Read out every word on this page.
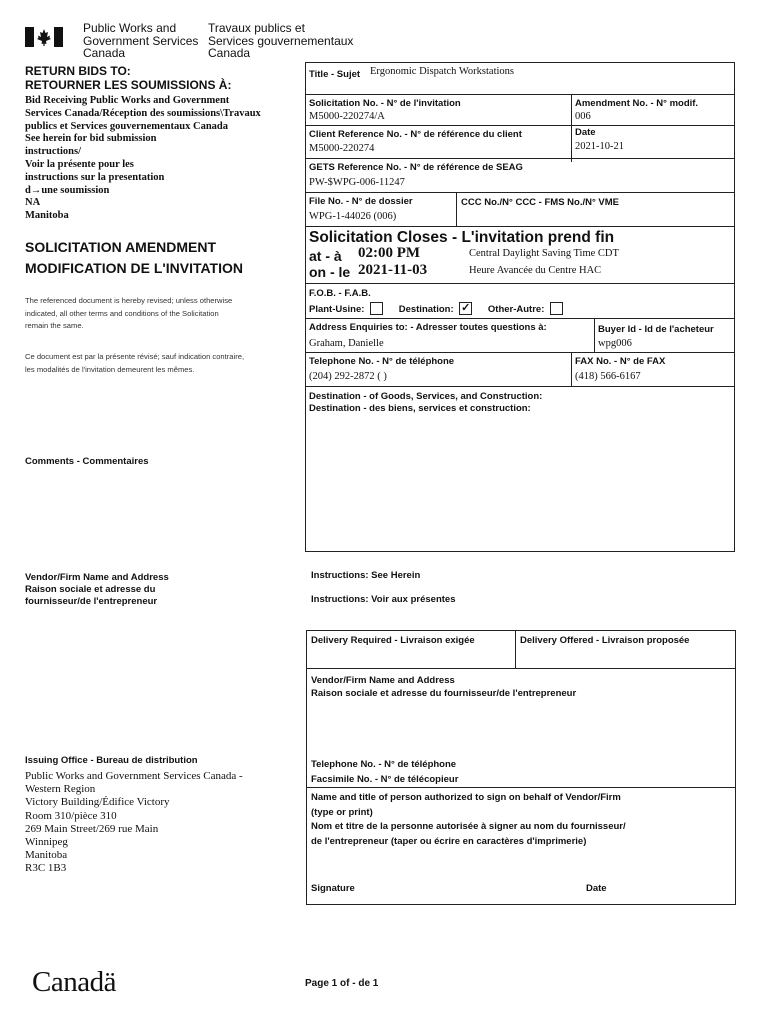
Public Works and
Government Services
Canada
Travaux publics et
Services gouvernementaux
Canada
RETURN BIDS TO:
RETOURNER LES SOUMISSIONS À:
Bid Receiving Public Works and Government
Services Canada/Réception des soumissions\Travaux
publics et Services gouvernementaux Canada
See herein for bid submission
instructions/
Voir la présente pour les
instructions sur la presentation
d→une soumission
NA
Manitoba
SOLICITATION AMENDMENT
MODIFICATION DE L'INVITATION
The referenced document is hereby revised; unless otherwise
indicated, all other terms and conditions of the Solicitation
remain the same.
Ce document est par la présente révisé; sauf indication contraire,
les modalités de l'invitation demeurent les mêmes.
Comments - Commentaires
Vendor/Firm Name and Address
Raison sociale et adresse du
fournisseur/de l'entrepreneur
Issuing Office - Bureau de distribution
Public Works and Government Services Canada -
Western Region
Victory Building/Édifice Victory
Room 310/pièce 310
269 Main Street/269 rue Main
Winnipeg
Manitoba
R3C 1B3
Title - Sujet Ergonomic Dispatch Workstations
Solicitation No. - N° de l'invitation
M5000-220274/A
Amendment No. - N° modif.
006
Client Reference No. - N° de référence du client
M5000-220274
Date
2021-10-21
GETS Reference No. - N° de référence de SEAG
PW-$WPG-006-11247
File No. - N° de dossier
WPG-1-44026 (006)
CCC No./N° CCC - FMS No./N° VME
Solicitation Closes - L'invitation prend fin
at - à 02:00 PM
on - le 2021-11-03
Central Daylight Saving Time CDT
Heure Avancée du Centre HAC
F.O.B. - F.A.B.
Plant-Usine:	Destination: ✓ Other-Autre:
Address Enquiries to: - Adresser toutes questions à:
Graham, Danielle
Buyer Id - Id de l'acheteur
wpg006
Telephone No. - N° de téléphone
(204) 292-2872 ( )
FAX No. - N° de FAX
(418) 566-6167
Destination - of Goods, Services, and Construction:
Destination - des biens, services et construction:
Instructions: See Herein
Instructions: Voir aux présentes
Delivery Required - Livraison exigée	Delivery Offered - Livraison proposée
Vendor/Firm Name and Address
Raison sociale et adresse du fournisseur/de l'entrepreneur
Telephone No. - N° de téléphone
Facsimile No. - N° de télécopieur
Name and title of person authorized to sign on behalf of Vendor/Firm
(type or print)
Nom et titre de la personne autorisée à signer au nom du fournisseur/
de l'entrepreneur (taper ou écrire en caractères d'imprimerie)
Signature	Date
Canadä	Page 1 of - de 1
